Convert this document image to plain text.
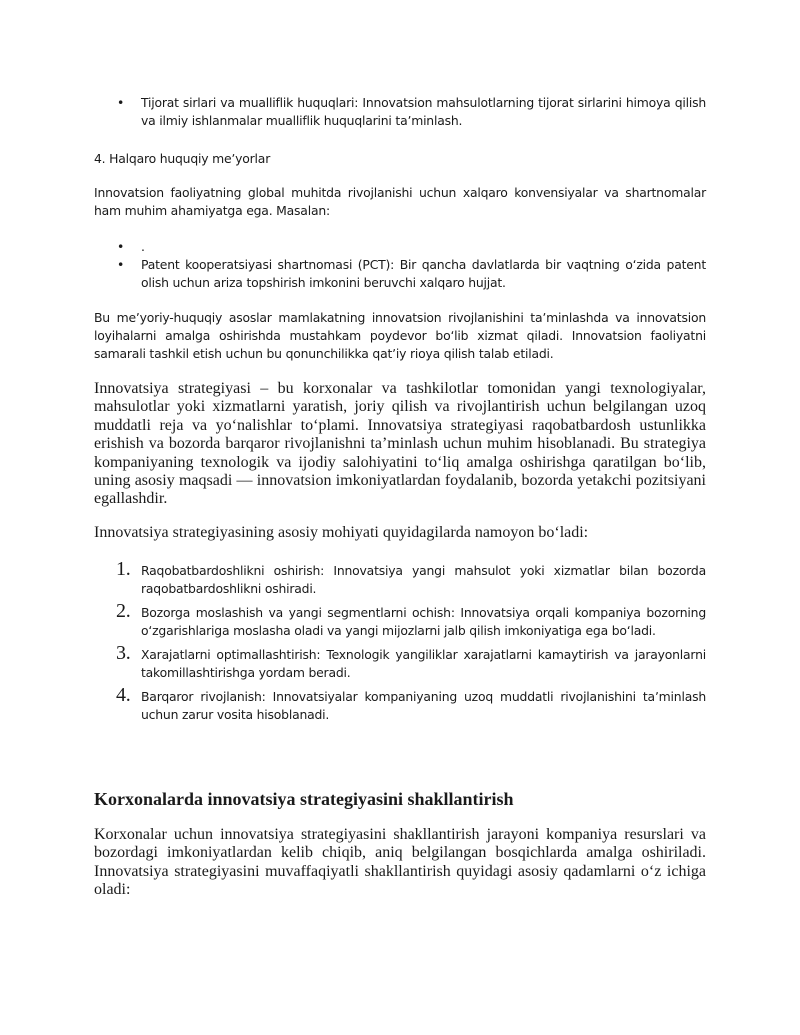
• Tijorat sirlari va mualliflik huquqlari: Innovatsion mahsulotlarning tijorat sirlarini himoya qilish va ilmiy ishlanmalar mualliflik huquqlarini taʼminlash.

4. Halqaro huquqiy meʼyorlar

Innovatsion faoliyatning global muhitda rivojlanishi uchun xalqaro konvensiyalar va shartnomalar ham muhim ahamiyatga ega. Masalan:

• .
• Patent kooperatsiyasi shartnomasi (PCT): Bir qancha davlatlarda bir vaqtning oʻzida patent olish uchun ariza topshirish imkonini beruvchi xalqaro hujjat.

Bu meʼyoriy-huquqiy asoslar mamlakatning innovatsion rivojlanishini taʼminlashda va innovatsion loyihalarni amalga oshirishda mustahkam poydevor boʻlib xizmat qiladi. Innovatsion faoliyatni samarali tashkil etish uchun bu qonunchilikka qatʼiy rioya qilish talab etiladi.

Innovatsiya strategiyasi – bu korxonalar va tashkilotlar tomonidan yangi texnologiyalar, mahsulotlar yoki xizmatlarni yaratish, joriy qilish va rivojlantirish uchun belgilangan uzoq muddatli reja va yoʻnalishlar toʻplami. Innovatsiya strategiyasi raqobatbardosh ustunlikka erishish va bozorda barqaror rivojlanishni taʼminlash uchun muhim hisoblanadi. Bu strategiya kompaniyaning texnologik va ijodiy salohiyatini toʻliq amalga oshirishga qaratilgan boʻlib, uning asosiy maqsadi — innovatsion imkoniyatlardan foydalanib, bozorda yetakchi pozitsiyani egallashdir.

Innovatsiya strategiyasining asosiy mohiyati quyidagilarda namoyon boʻladi:

1. Raqobatbardoshlikni oshirish: Innovatsiya yangi mahsulot yoki xizmatlar bilan bozorda raqobatbardoshlikni oshiradi.
2. Bozorga moslashish va yangi segmentlarni ochish: Innovatsiya orqali kompaniya bozorning oʻzgarishlariga moslasha oladi va yangi mijozlarni jalb qilish imkoniyatiga ega boʻladi.
3. Xarajatlarni optimallashtirish: Texnologik yangiliklar xarajatlarni kamaytirish va jarayonlarni takomillashtirishga yordam beradi.
4. Barqaror rivojlanish: Innovatsiyalar kompaniyaning uzoq muddatli rivojlanishini taʼminlash uchun zarur vosita hisoblanadi.
Korxonalarda innovatsiya strategiyasini shakllantirish

Korxonalar uchun innovatsiya strategiyasini shakllantirish jarayoni kompaniya resurslari va bozordagi imkoniyatlardan kelib chiqib, aniq belgilangan bosqichlarda amalga oshiriladi. Innovatsiya strategiyasini muvaffaqiyatli shakllantirish quyidagi asosiy qadamlarni oʻz ichiga oladi:
